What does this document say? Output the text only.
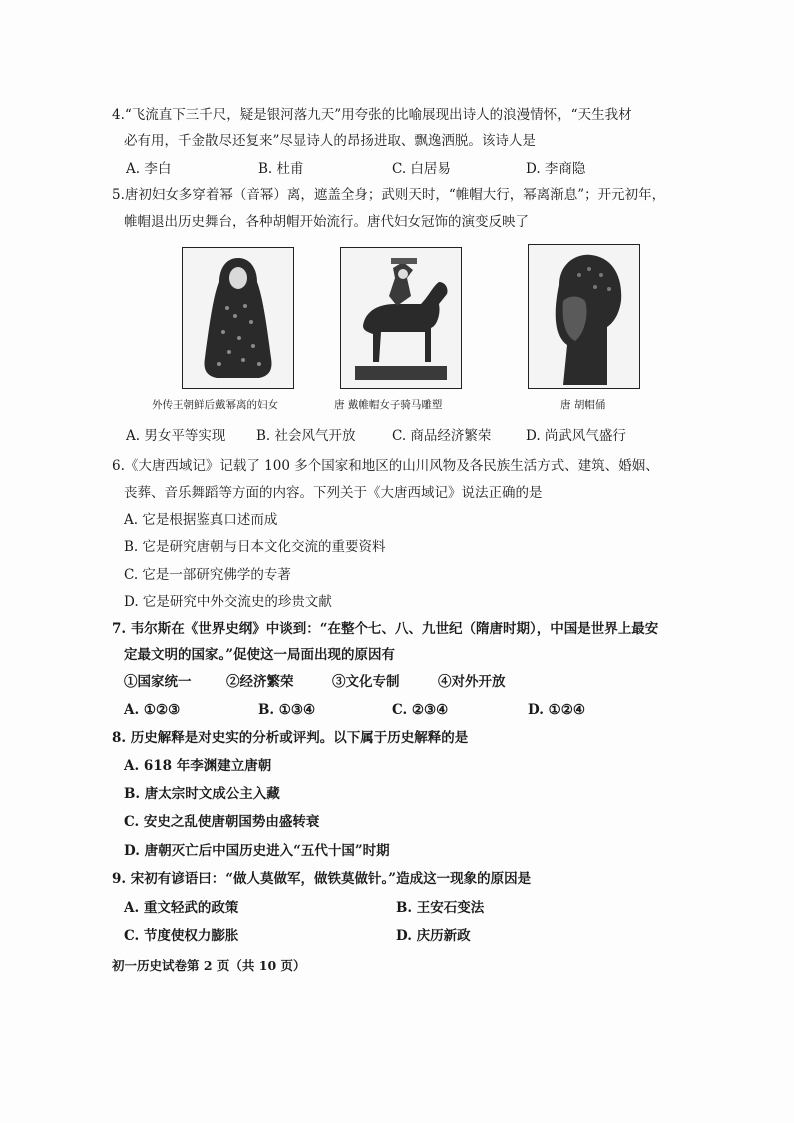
4.“飞流直下三千尺，疑是银河落九天”用夸张的比喻展现出诗人的浪漫情怀，“天生我材
必有用，千金散尽还复来”尽显诗人的昂扬进取、飘逸洒脱。该诗人是
A. 李白	B. 杜甫	C. 白居易	D. 李商隐
5.唐初妇女多穿着幂（音幂）离，遮盖全身；武则天时，“帷帽大行，幂离渐息”；开元初年，
帷帽退出历史舞台，各种胡帽开始流行。唐代妇女冠饰的演变反映了
外传王朝鲜后戴幂离的妇女	唐 戴帷帽女子骑马雕塑	唐 胡帽俑
A. 男女平等实现 B. 社会风气开放	C. 商品经济繁荣	D. 尚武风气盛行
6.《大唐西域记》记载了 100 多个国家和地区的山川风物及各民族生活方式、建筑、婚姻、
丧葬、音乐舞蹈等方面的内容。下列关于《大唐西域记》说法正确的是
A. 它是根据鉴真口述而成
B. 它是研究唐朝与日本文化交流的重要资料
C. 它是一部研究佛学的专著
D. 它是研究中外交流史的珍贵文献
7. 韦尔斯在《世界史纲》中谈到：“在整个七、八、九世纪（隋唐时期），中国是世界上最安
定最文明的国家。”促使这一局面出现的原因有
①国家统一	②经济繁荣	③文化专制	④对外开放
A. ①②③	B. ①③④	C. ②③④	D. ①②④
8. 历史解释是对史实的分析或评判。以下属于历史解释的是
A. 618 年李渊建立唐朝
B. 唐太宗时文成公主入藏
C. 安史之乱使唐朝国势由盛转衰
D. 唐朝灭亡后中国历史进入“五代十国”时期
9. 宋初有谚语曰：“做人莫做军，做铁莫做针。”造成这一现象的原因是
A. 重文轻武的政策	B. 王安石变法
C. 节度使权力膨胀	D. 庆历新政
初一历史试卷第 2 页（共 10 页）
